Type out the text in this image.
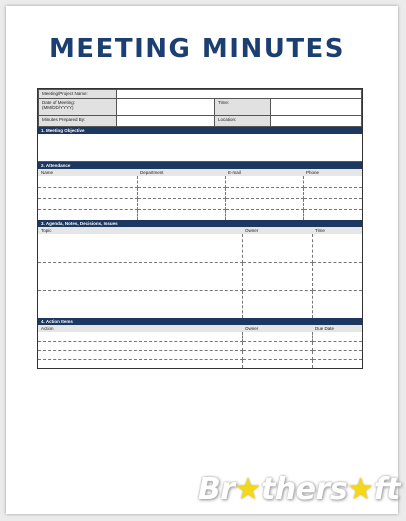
MEETING MINUTES
Meeting/Project Name:			
Date of Meeting:
(MM/DD/YYYY)		Time:	
Minutes Prepared By:		Location:	
1. Meeting Objective
2. Attendance
Name	Department	E-mail	Phone

3. Agenda, Notes, Decisions, Issues
Topic	Owner	Time

4. Action Items
Action	Owner	Due Date

Br★thers★ft
